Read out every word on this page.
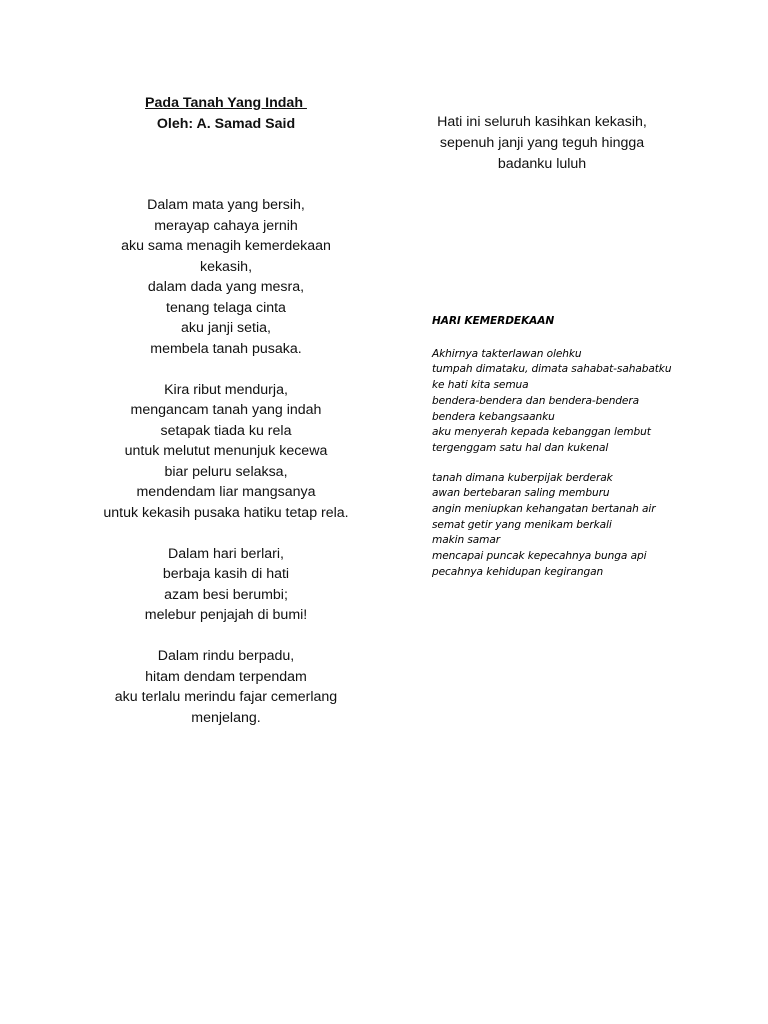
Pada Tanah Yang Indah
Oleh: A. Samad Said
Dalam mata yang bersih,
merayap cahaya jernih
aku sama menagih kemerdekaan
kekasih,
dalam dada yang mesra,
tenang telaga cinta
aku janji setia,
membela tanah pusaka.
Kira ribut mendurja,
mengancam tanah yang indah
setapak tiada ku rela
untuk melutut menunjuk kecewa
biar peluru selaksa,
mendendam liar mangsanya
untuk kekasih pusaka hatiku tetap rela.
Dalam hari berlari,
berbaja kasih di hati
azam besi berumbi;
melebur penjajah di bumi!
Dalam rindu berpadu,
hitam dendam terpendam
aku terlalu merindu fajar cemerlang
menjelang.
Hati ini seluruh kasihkan kekasih,
sepenuh janji yang teguh hingga
badanku luluh
HARI KEMERDEKAAN
Akhirnya takterlawan olehku
tumpah dimataku, dimata sahabat-sahabatku
ke hati kita semua
bendera-bendera dan bendera-bendera
bendera kebangsaanku
aku menyerah kepada kebanggan lembut
tergenggam satu hal dan kukenal
tanah dimana kuberpijak berderak
awan bertebaran saling memburu
angin meniupkan kehangatan bertanah air
semat getir yang menikam berkali
makin samar
mencapai puncak kepecahnya bunga api
pecahnya kehidupan kegirangan
